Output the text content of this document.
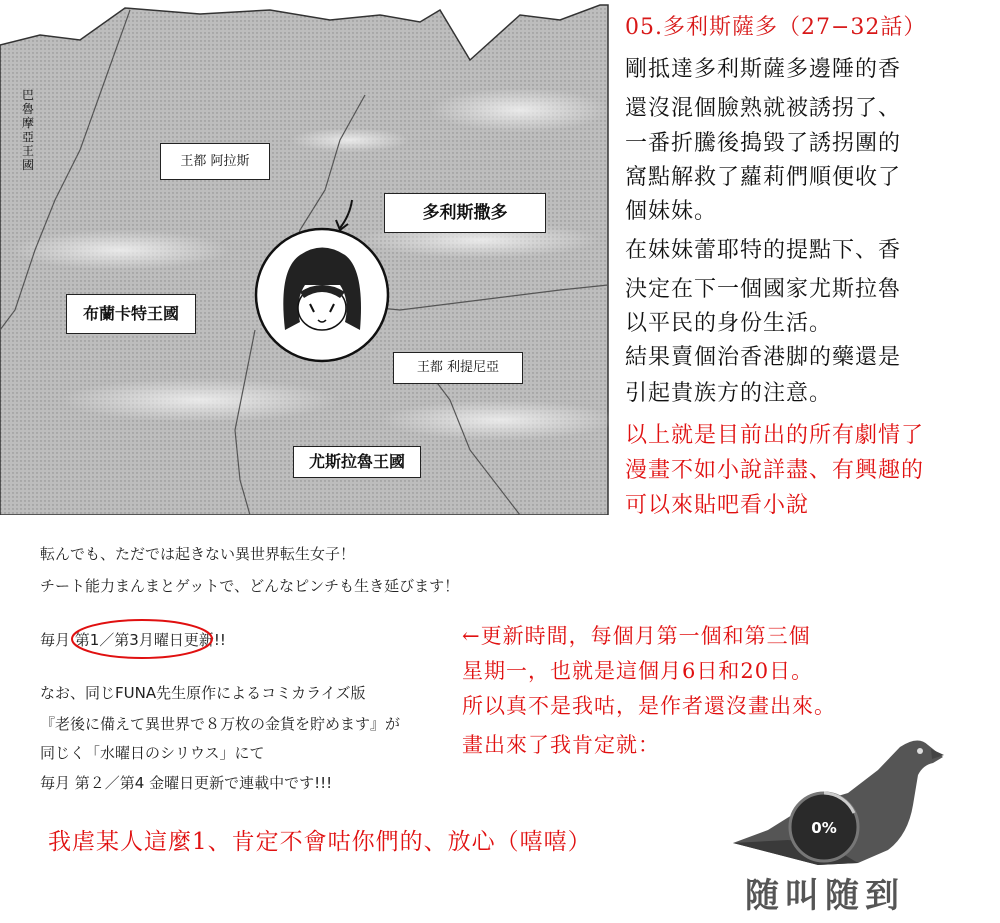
巴魯摩亞王國	王都 阿拉斯
多利斯撒多
布蘭卡特王國
王都 利提尼亞
尤斯拉魯王國
05.多利斯薩多（27−32話）
剛抵達多利斯薩多邊陲的香
還沒混個臉熟就被誘拐了、
一番折騰後搗毀了誘拐團的
窩點解救了蘿莉們順便收了
個妹妹。
在妹妹蕾耶特的提點下、香
決定在下一個國家尤斯拉魯
以平民的身份生活。
結果賣個治香港脚的藥還是
引起貴族方的注意。
以上就是目前出的所有劇情了
漫畫不如小說詳盡、有興趣的
可以來貼吧看小說
転んでも、ただでは起きない異世界転生女子！
チート能力まんまとゲットで、どんなピンチも生き延びます！
毎月 第1／第3月曜日更新!!
なお、同じFUNA先生原作によるコミカライズ版
『老後に備えて異世界で８万枚の金貨を貯めます』が
同じく「水曜日のシリウス」にて
毎月 第２／第4 金曜日更新で連載中です!!!
←更新時間，每個月第一個和第三個
星期一，也就是這個月6日和20日。
所以真不是我咕，是作者還沒畫出來。
畫出來了我肯定就：
我虐某人這麼1、肯定不會咕你們的、放心（嘻嘻）
0%
随叫随到
